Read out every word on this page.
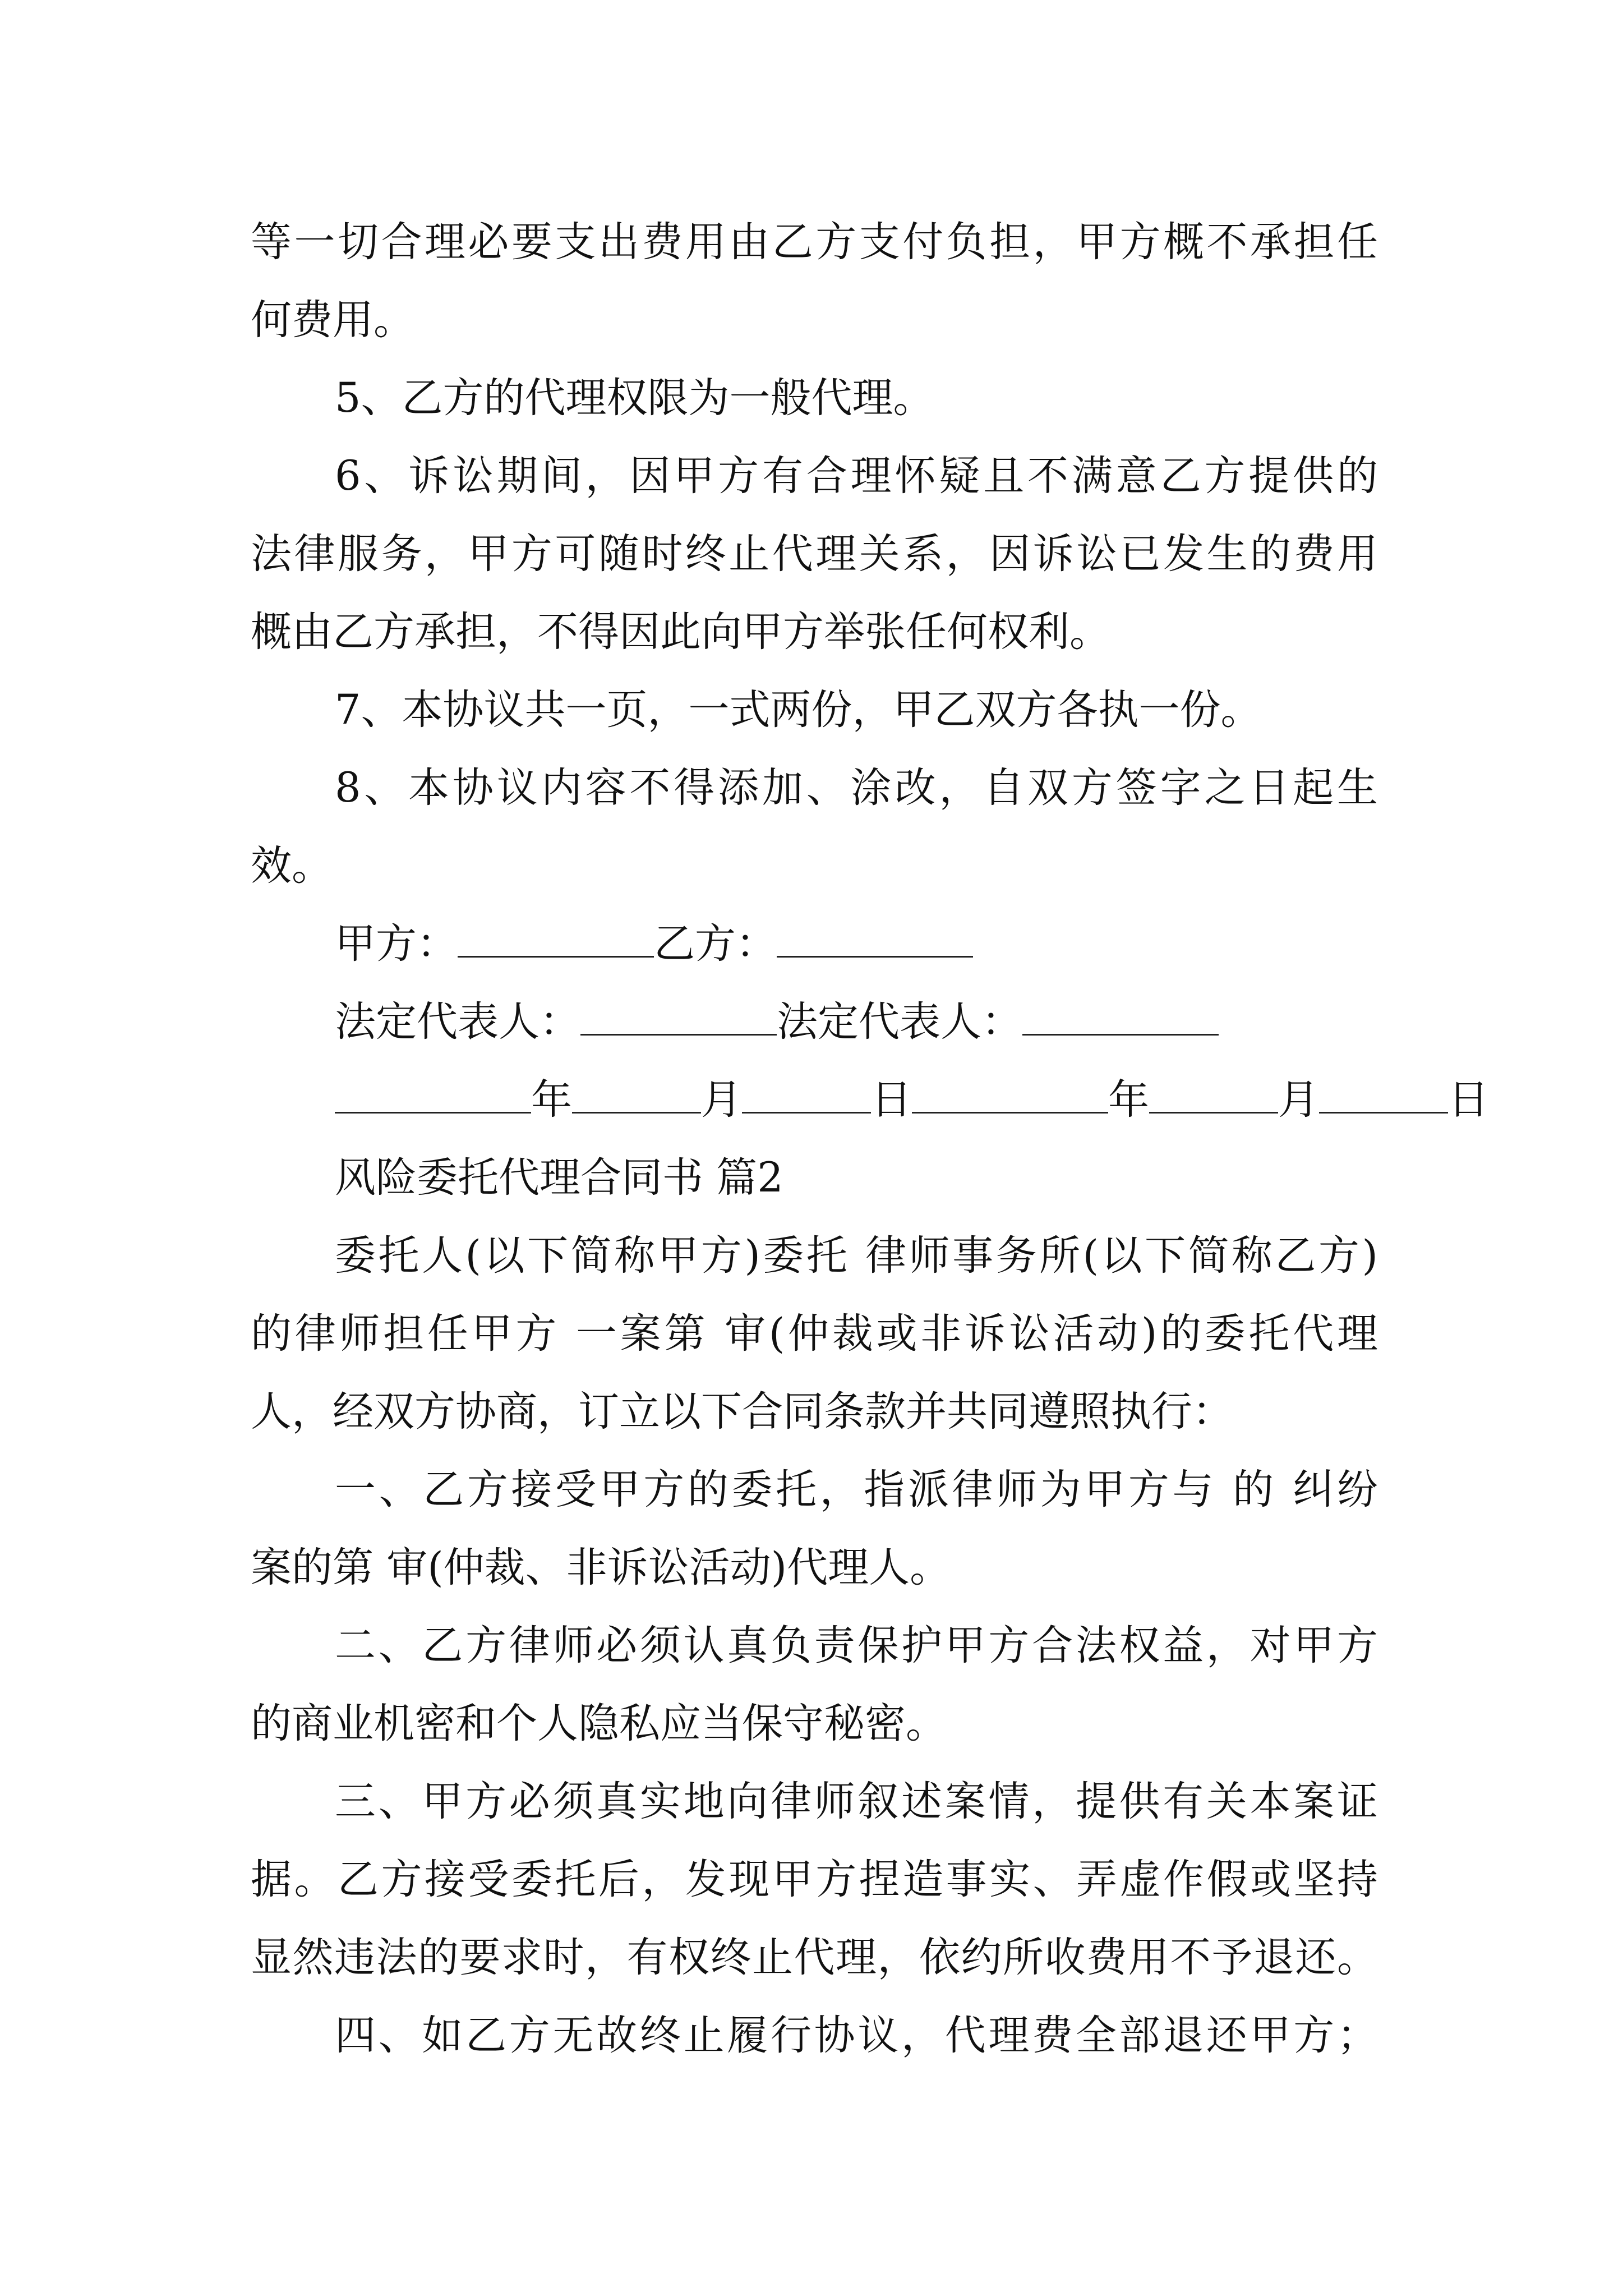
等一切合理必要支出费用由乙方支付负担，甲方概不承担任
何费用。
5、乙方的代理权限为一般代理。
6、诉讼期间，因甲方有合理怀疑且不满意乙方提供的
法律服务，甲方可随时终止代理关系，因诉讼已发生的费用
概由乙方承担，不得因此向甲方举张任何权利。
7、本协议共一页，一式两份，甲乙双方各执一份。
8、本协议内容不得添加、涂改，自双方签字之日起生
效。
甲方：	乙方：
法定代表人：	法定代表人：
年	月	日	年	月	日
风险委托代理合同书 篇2
委托人(以下简称甲方)委托 律师事务所(以下简称乙方)
的律师担任甲方 一案第 审(仲裁或非诉讼活动)的委托代理
人，经双方协商，订立以下合同条款并共同遵照执行：
一、乙方接受甲方的委托，指派律师为甲方与 的 纠纷
案的第 审(仲裁、非诉讼活动)代理人。
二、乙方律师必须认真负责保护甲方合法权益，对甲方
的商业机密和个人隐私应当保守秘密。
三、甲方必须真实地向律师叙述案情，提供有关本案证
据。乙方接受委托后，发现甲方捏造事实、弄虚作假或坚持
显然违法的要求时，有权终止代理，依约所收费用不予退还。
四、如乙方无故终止履行协议，代理费全部退还甲方；
